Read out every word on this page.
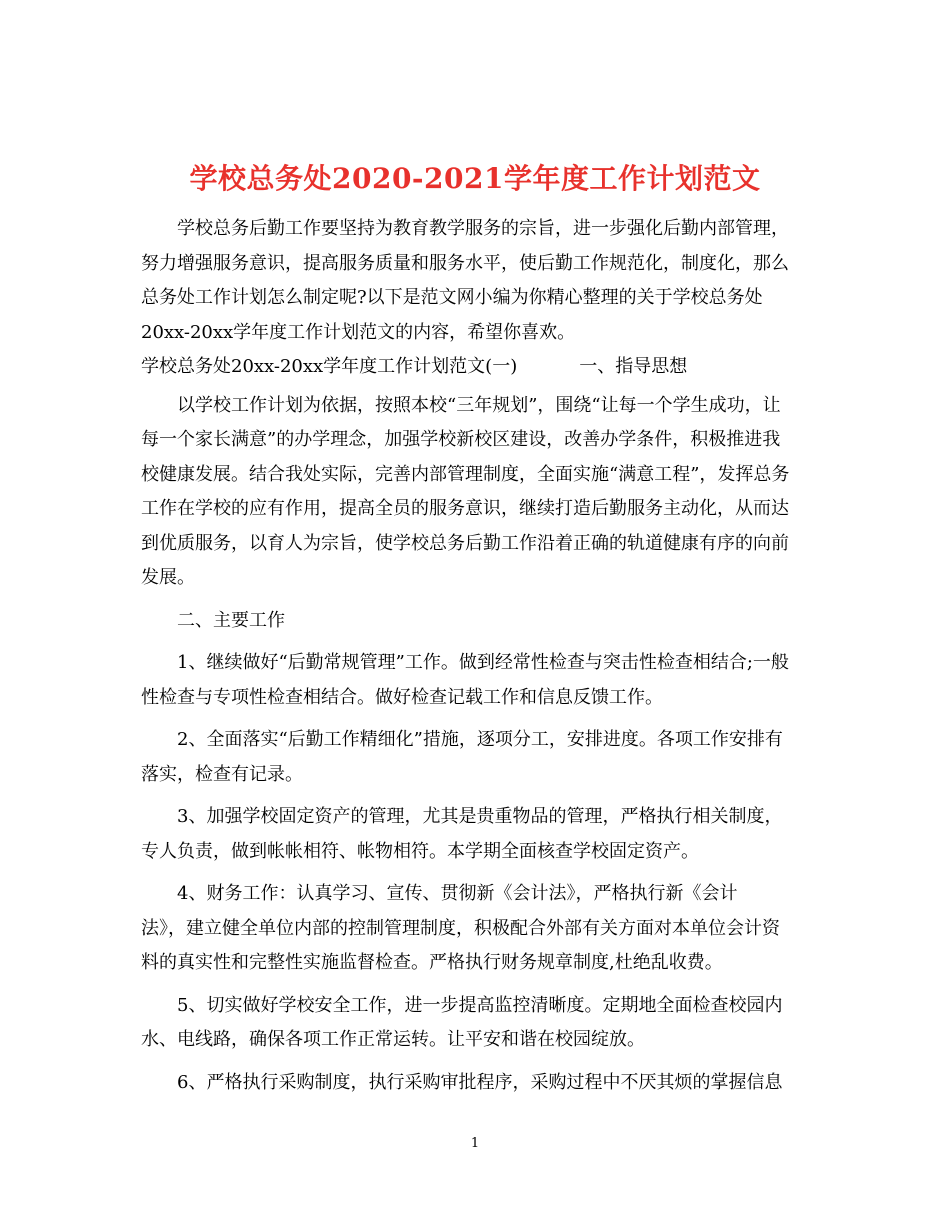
学校总务处2020-2021学年度工作计划范文
学校总务后勤工作要坚持为教育教学服务的宗旨，进一步强化后勤内部管理，
努力增强服务意识，提高服务质量和服务水平，使后勤工作规范化，制度化，那么
总务处工作计划怎么制定呢?以下是范文网小编为你精心整理的关于学校总务处
20xx-20xx学年度工作计划范文的内容，希望你喜欢。
学校总务处20xx-20xx学年度工作计划范文(一)	一、指导思想
以学校工作计划为依据，按照本校“三年规划”，围绕“让每一个学生成功，让
每一个家长满意”的办学理念，加强学校新校区建设，改善办学条件，积极推进我
校健康发展。结合我处实际，完善内部管理制度，全面实施“满意工程”，发挥总务
工作在学校的应有作用，提高全员的服务意识，继续打造后勤服务主动化，从而达
到优质服务，以育人为宗旨，使学校总务后勤工作沿着正确的轨道健康有序的向前
发展。
二、主要工作
1、继续做好“后勤常规管理”工作。做到经常性检查与突击性检查相结合;一般
性检查与专项性检查相结合。做好检查记载工作和信息反馈工作。
2、全面落实“后勤工作精细化”措施，逐项分工，安排进度。各项工作安排有
落实，检查有记录。
3、加强学校固定资产的管理，尤其是贵重物品的管理，严格执行相关制度，
专人负责，做到帐帐相符、帐物相符。本学期全面核查学校固定资产。
4、财务工作：认真学习、宣传、贯彻新《会计法》，严格执行新《会计
法》，建立健全单位内部的控制管理制度，积极配合外部有关方面对本单位会计资
料的真实性和完整性实施监督检查。严格执行财务规章制度,杜绝乱收费。
5、切实做好学校安全工作，进一步提高监控清晰度。定期地全面检查校园内
水、电线路，确保各项工作正常运转。让平安和谐在校园绽放。
6、严格执行采购制度，执行采购审批程序，采购过程中不厌其烦的掌握信息
1
